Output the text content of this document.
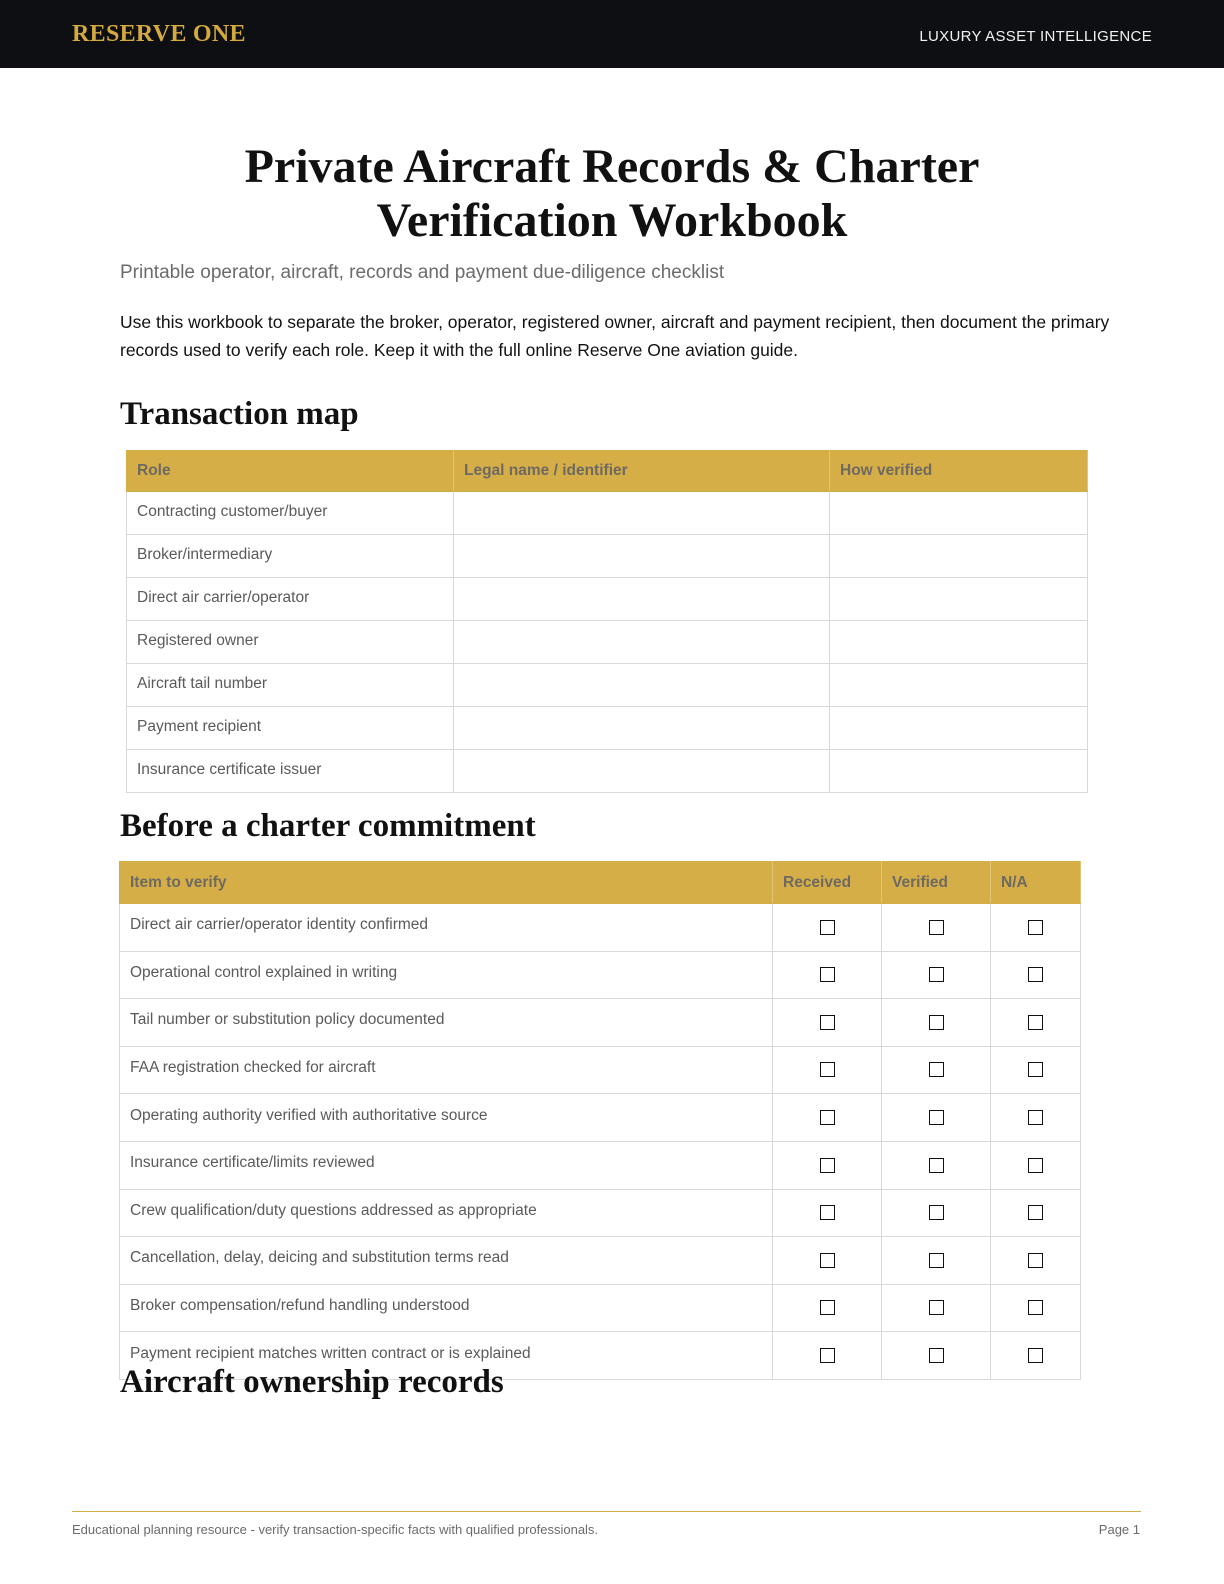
RESERVE ONE	LUXURY ASSET INTELLIGENCE
Private Aircraft Records & Charter
Verification Workbook
Printable operator, aircraft, records and payment due-diligence checklist
Use this workbook to separate the broker, operator, registered owner, aircraft and payment recipient, then document the primary records used to verify each role. Keep it with the full online Reserve One aviation guide.
Transaction map
Role	Legal name / identifier	How verified
Contracting customer/buyer		
Broker/intermediary		
Direct air carrier/operator		
Registered owner		
Aircraft tail number		
Payment recipient		
Insurance certificate issuer		
Before a charter commitment
Item to verify	Received	Verified	N/A
Direct air carrier/operator identity confirmed			
Operational control explained in writing			
Tail number or substitution policy documented			
FAA registration checked for aircraft			
Operating authority verified with authoritative source			
Insurance certificate/limits reviewed			
Crew qualification/duty questions addressed as appropriate			
Cancellation, delay, deicing and substitution terms read			
Broker compensation/refund handling understood			
Payment recipient matches written contract or is explained			
Aircraft ownership records
Educational planning resource - verify transaction-specific facts with qualified professionals.	Page 1
